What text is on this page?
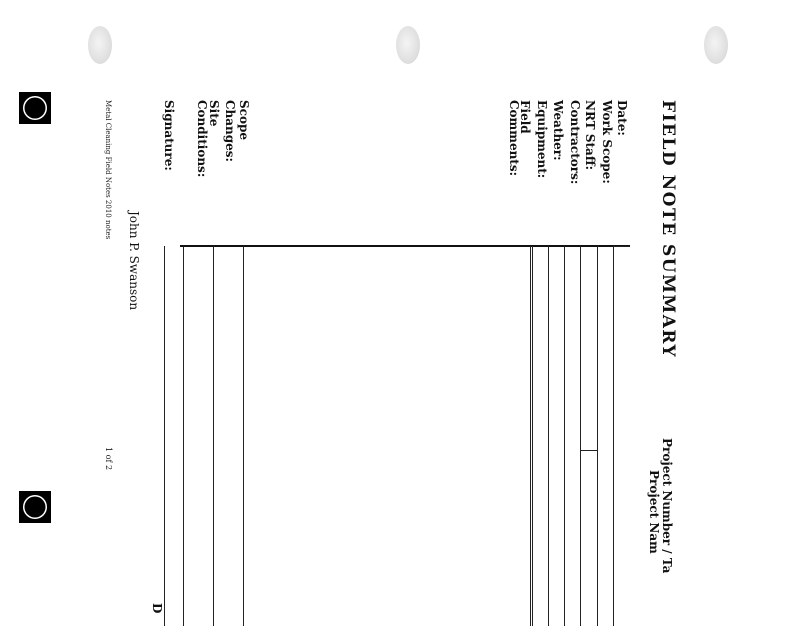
FIELD NOTE SUMMARY
Project Number / Ta
Project Nam
Date:
Work Scope:
NRT Staff:
Contractors:
Weather:
Equipment:
Field
Comments:
Scope
Changes:
Site
Conditions:
Signature:
John P. Swanson
D
Metal Cleaning Field Notes 2010 notes
1 of 2
